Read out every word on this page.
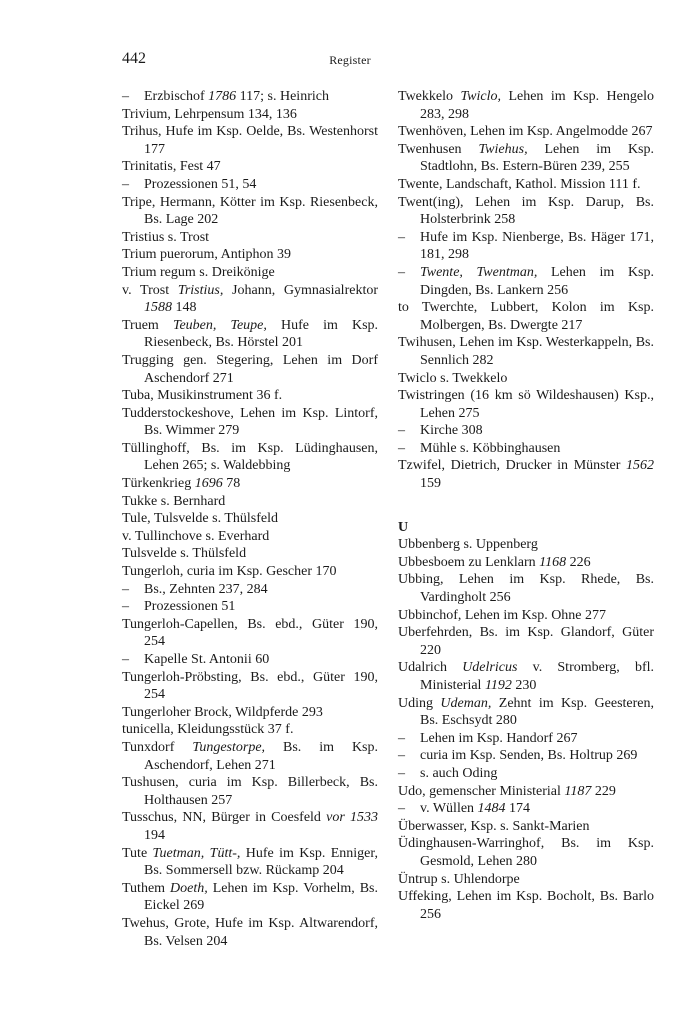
442	Register
– Erzbischof 1786 117; s. Heinrich
Trivium, Lehrpensum 134, 136
Trihus, Hufe im Ksp. Oelde, Bs. Westenhorst 177
Trinitatis, Fest 47
– Prozessionen 51, 54
Tripe, Hermann, Kötter im Ksp. Riesenbeck, Bs. Lage 202
Tristius s. Trost
Trium puerorum, Antiphon 39
Trium regum s. Dreikönige
v. Trost Tristius, Johann, Gymnasialrektor 1588 148
Truem Teuben, Teupe, Hufe im Ksp. Riesenbeck, Bs. Hörstel 201
Trugging gen. Stegering, Lehen im Dorf Aschendorf 271
Tuba, Musikinstrument 36 f.
Tudderstockeshove, Lehen im Ksp. Lintorf, Bs. Wimmer 279
Tüllinghoff, Bs. im Ksp. Lüdinghausen, Lehen 265; s. Waldebbing
Türkenkrieg 1696 78
Tukke s. Bernhard
Tule, Tulsvelde s. Thülsfeld
v. Tullinchove s. Everhard
Tulsvelde s. Thülsfeld
Tungerloh, curia im Ksp. Gescher 170
– Bs., Zehnten 237, 284
– Prozessionen 51
Tungerloh-Capellen, Bs. ebd., Güter 190, 254
– Kapelle St. Antonii 60
Tungerloh-Pröbsting, Bs. ebd., Güter 190, 254
Tungerloher Brock, Wildpferde 293
tunicella, Kleidungsstück 37 f.
Tunxdorf Tungestorpe, Bs. im Ksp. Aschendorf, Lehen 271
Tushusen, curia im Ksp. Billerbeck, Bs. Holthausen 257
Tusschus, NN, Bürger in Coesfeld vor 1533 194
Tute Tuetman, Tütt-, Hufe im Ksp. Enniger, Bs. Sommersell bzw. Rückamp 204
Tuthem Doeth, Lehen im Ksp. Vorhelm, Bs. Eickel 269
Twehus, Grote, Hufe im Ksp. Altwarendorf, Bs. Velsen 204
Twekkelo Twiclo, Lehen im Ksp. Hengelo 283, 298
Twenhöven, Lehen im Ksp. Angelmodde 267
Twenhusen Twiehus, Lehen im Ksp. Stadtlohn, Bs. Estern-Büren 239, 255
Twente, Landschaft, Kathol. Mission 111 f.
Twent(ing), Lehen im Ksp. Darup, Bs. Holsterbrink 258
– Hufe im Ksp. Nienberge, Bs. Häger 171, 181, 298
– Twente, Twentman, Lehen im Ksp. Dingden, Bs. Lankern 256
to Twerchte, Lubbert, Kolon im Ksp. Molbergen, Bs. Dwergte 217
Twihusen, Lehen im Ksp. Westerkappeln, Bs. Sennlich 282
Twiclo s. Twekkelo
Twistringen (16 km sö Wildeshausen) Ksp., Lehen 275
– Kirche 308
– Mühle s. Köbbinghausen
Tzwifel, Dietrich, Drucker in Münster 1562 159
U
Ubbenberg s. Uppenberg
Ubbesboem zu Lenklarn 1168 226
Ubbing, Lehen im Ksp. Rhede, Bs. Vardingholt 256
Ubbinchof, Lehen im Ksp. Ohne 277
Uberfehrden, Bs. im Ksp. Glandorf, Güter 220
Udalrich Udelricus v. Stromberg, bfl. Ministerial 1192 230
Uding Udeman, Zehnt im Ksp. Geesteren, Bs. Eschsydt 280
– Lehen im Ksp. Handorf 267
– curia im Ksp. Senden, Bs. Holtrup 269
– s. auch Oding
Udo, gemenscher Ministerial 1187 229
– v. Wüllen 1484 174
Überwasser, Ksp. s. Sankt-Marien
Üdinghausen-Warringhof, Bs. im Ksp. Gesmold, Lehen 280
Üntrup s. Uhlendorpe
Uffeking, Lehen im Ksp. Bocholt, Bs. Barlo 256
